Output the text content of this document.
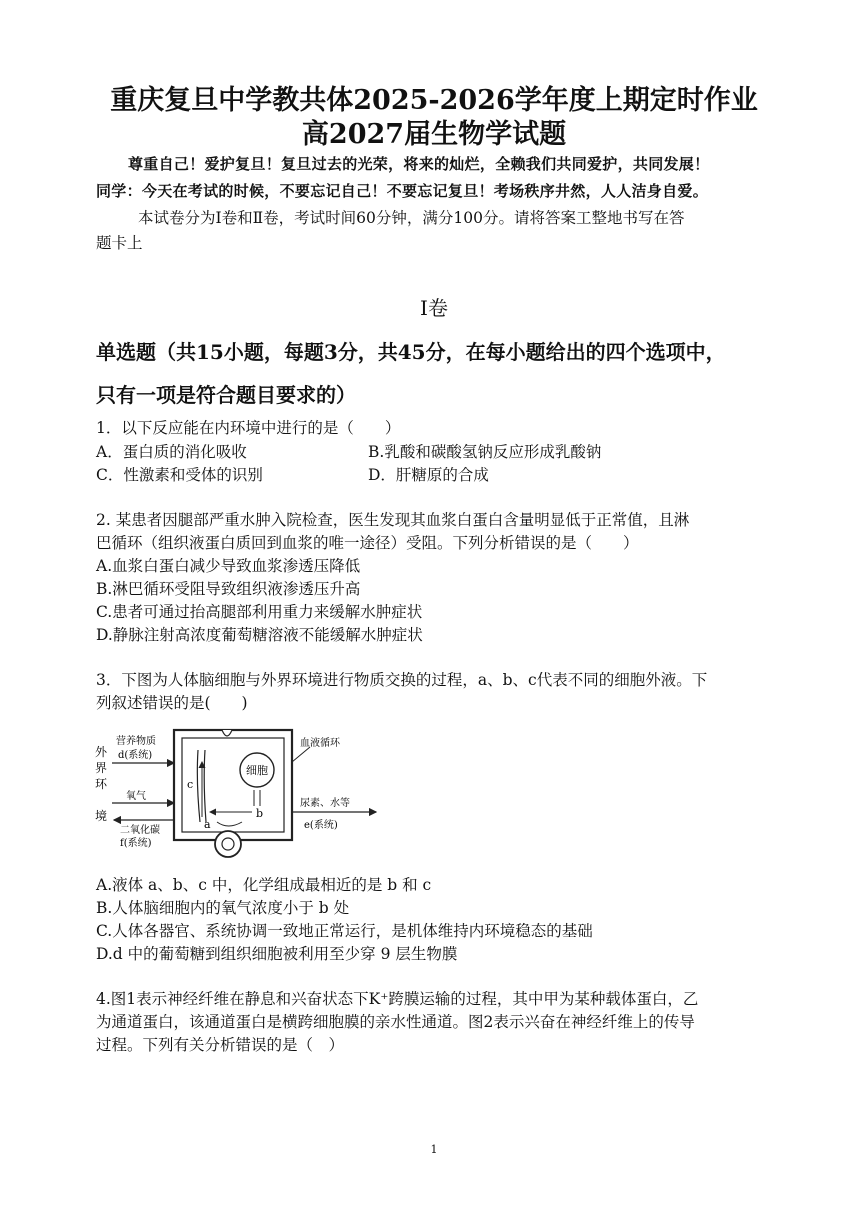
重庆复旦中学教共体2025-2026学年度上期定时作业
高2027届生物学试题
尊重自己！爱护复旦！复旦过去的光荣，将来的灿烂，全赖我们共同爱护，共同发展！
同学：今天在考试的时候，不要忘记自己！不要忘记复旦！考场秩序井然，人人洁身自爱。
本试卷分为Ⅰ卷和Ⅱ卷，考试时间60分钟，满分100分。请将答案工整地书写在答
题卡上
Ⅰ卷
单选题（共15小题，每题3分，共45分，在每小题给出的四个选项中，
只有一项是符合题目要求的）
1．以下反应能在内环境中进行的是（　　）
A．蛋白质的消化吸收	B.乳酸和碳酸氢钠反应形成乳酸钠
C．性激素和受体的识别	D．肝糖原的合成
2. 某患者因腿部严重水肿入院检查，医生发现其血浆白蛋白含量明显低于正常值，且淋
巴循环（组织液蛋白质回到血浆的唯一途径）受阻。下列分析错误的是（　　）
A.血浆白蛋白减少导致血浆渗透压降低
B.淋巴循环受阻导致组织液渗透压升高
C.患者可通过抬高腿部利用重力来缓解水肿症状
D.静脉注射高浓度葡萄糖溶液不能缓解水肿症状
3．下图为人体脑细胞与外界环境进行物质交换的过程，a、b、c代表不同的细胞外液。下
列叙述错误的是(　　)
外
界
环
境
营养物质
d(系统)
氧气
二氧化碳
f(系统)
c
细胞
b
a
血液循环
尿素、水等
e(系统)
A.液体 a、b、c 中，化学组成最相近的是 b 和 c
B.人体脑细胞内的氧气浓度小于 b 处
C.人体各器官、系统协调一致地正常运行，是机体维持内环境稳态的基础
D.d 中的葡萄糖到组织细胞被利用至少穿 9 层生物膜
4.图1表示神经纤维在静息和兴奋状态下K⁺跨膜运输的过程，其中甲为某种载体蛋白，乙
为通道蛋白，该通道蛋白是横跨细胞膜的亲水性通道。图2表示兴奋在神经纤维上的传导
过程。下列有关分析错误的是（　）
1
